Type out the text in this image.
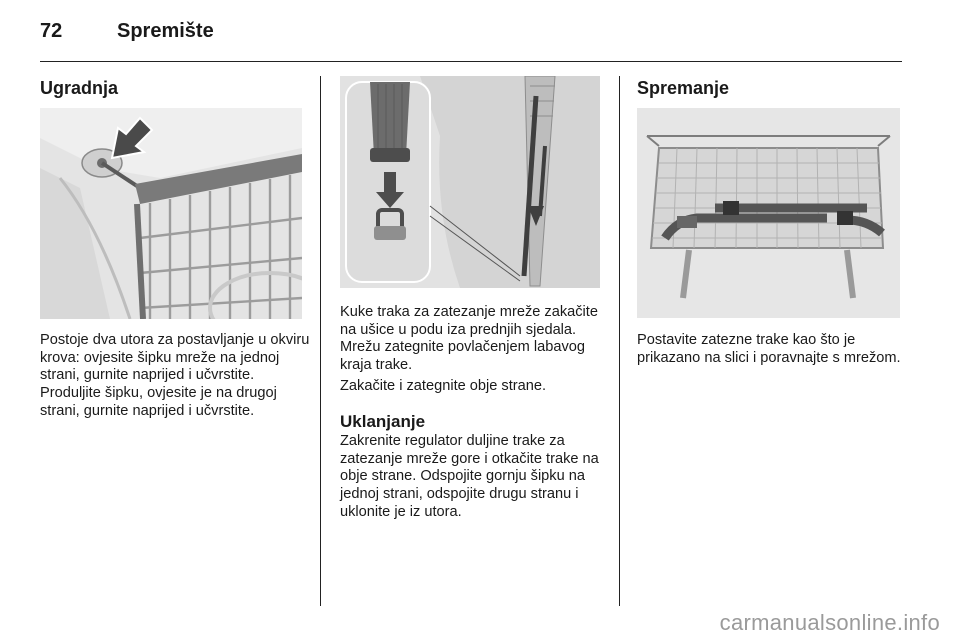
72	Spremište
Ugradnja

Postoje dva utora za postavljanje u okviru krova: ovjesite šipku mreže na jednoj strani, gurnite naprijed i učvrstite. Produljite šipku, ovjesite je na drugoj strani, gurnite naprijed i učvrstite.

Kuke traka za zatezanje mreže zakačite na ušice u podu iza prednjih sjedala. Mrežu zategnite povlačenjem labavog kraja trake.

Zakačite i zategnite obje strane.

Uklanjanje

Zakrenite regulator duljine trake za zatezanje mreže gore i otkačite trake na obje strane. Odspojite gornju šipku na jednoj strani, odspojite drugu stranu i uklonite je iz utora.

Spremanje

Postavite zatezne trake kao što je prikazano na slici i poravnajte s mrežom.

carmanualsonline.info
